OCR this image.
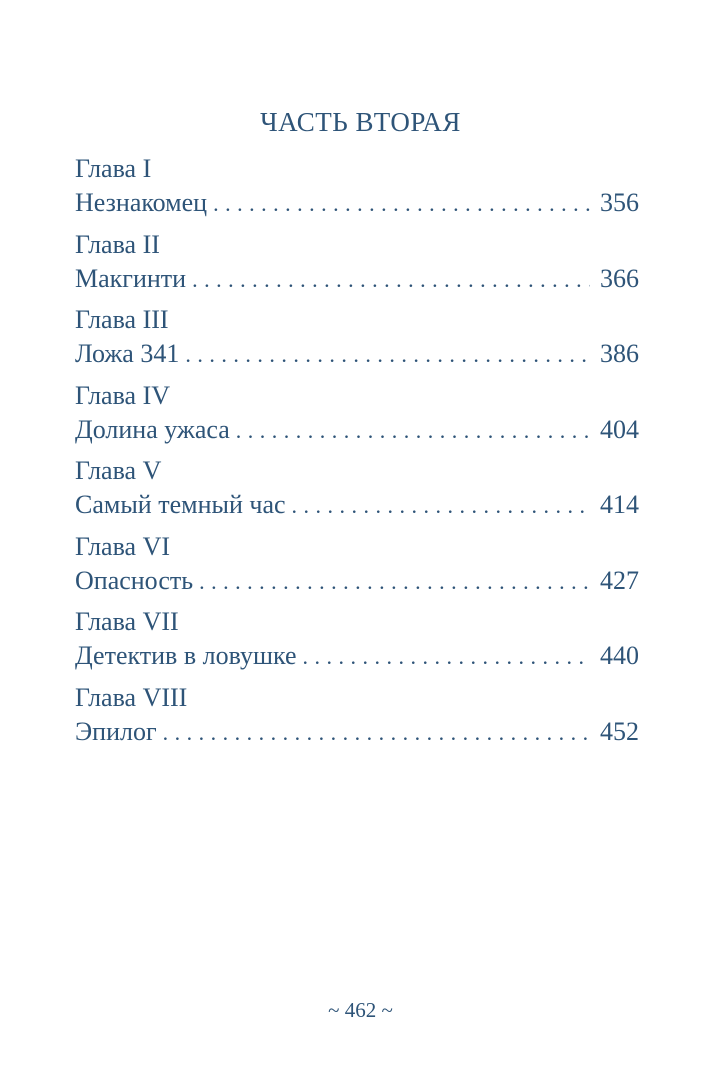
ЧАСТЬ ВТОРАЯ
Глава I
Незнакомец . . .	356
Глава II
Макгинти . . .	366
Глава III
Ложа 341 . . .	386
Глава IV
Долина ужаса . . .	404
Глава V
Самый темный час . . .	414
Глава VI
Опасность . . .	427
Глава VII
Детектив в ловушке . . .	440
Глава VIII
Эпилог . . .	452
~ 462 ~
